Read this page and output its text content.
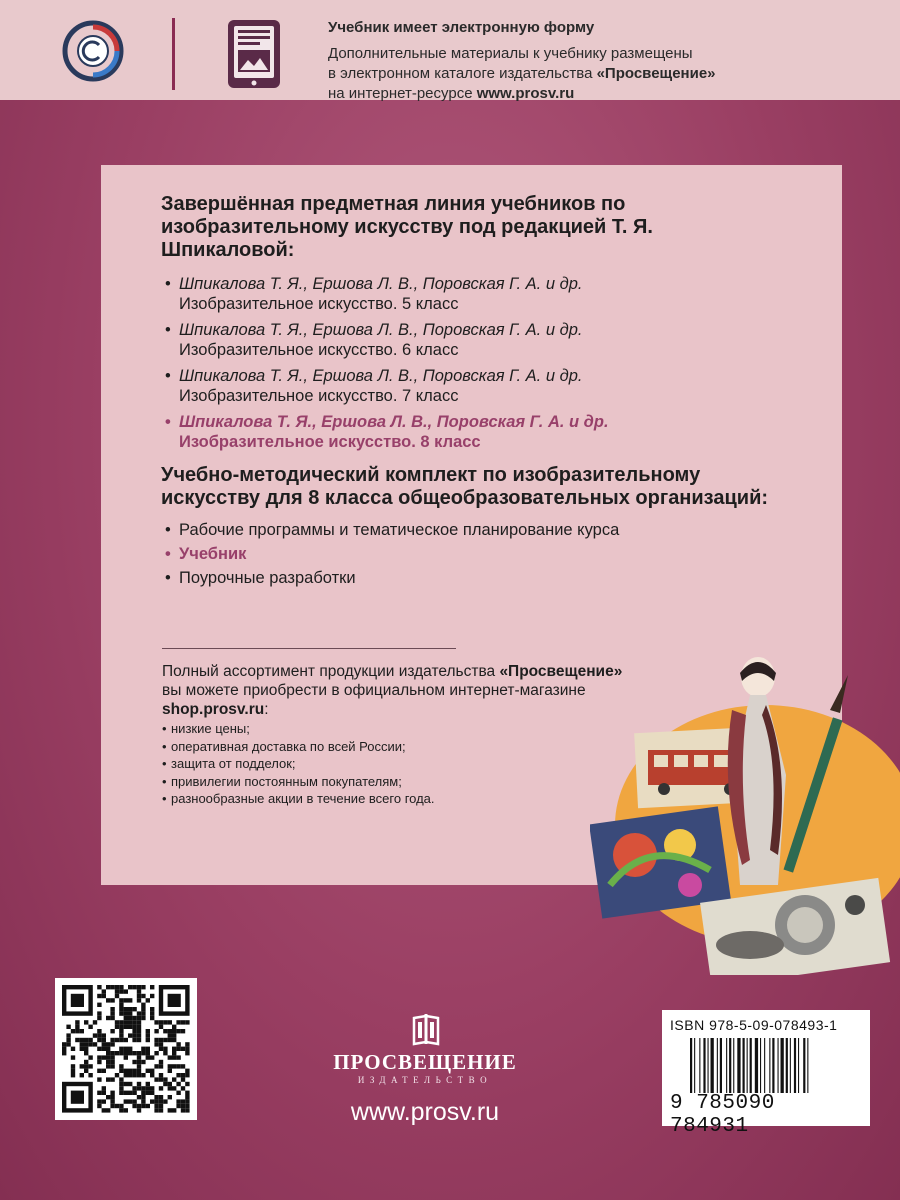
Учебник имеет электронную форму
Дополнительные материалы к учебнику размещены
в электронном каталоге издательства «Просвещение»
на интернет-ресурсе www.prosv.ru

Завершённая предметная линия учебников по изобразительному искусству под редакцией Т. Я. Шпикаловой:

• Шпикалова Т. Я., Ершова Л. В., Поровская Г. А. и др.
Изобразительное искусство. 5 класс
• Шпикалова Т. Я., Ершова Л. В., Поровская Г. А. и др.
Изобразительное искусство. 6 класс
• Шпикалова Т. Я., Ершова Л. В., Поровская Г. А. и др.
Изобразительное искусство. 7 класс
• Шпикалова Т. Я., Ершова Л. В., Поровская Г. А. и др.
Изобразительное искусство. 8 класс

Учебно-методический комплект по изобразительному искусству для 8 класса общеобразовательных организаций:

• Рабочие программы и тематическое планирование курса
• Учебник
• Поурочные разработки
Полный ассортимент продукции издательства «Просвещение»
вы можете приобрести в официальном интернет-магазине
shop.prosv.ru:
• низкие цены;
• оперативная доставка по всей России;
• защита от подделок;
• привилегии постоянным покупателям;
• разнообразные акции в течение всего года.
ПРОСВЕЩЕНИЕ
ИЗДАТЕЛЬСТВО
www.prosv.ru
ISBN 978-5-09-078493-1
9 785090 784931
